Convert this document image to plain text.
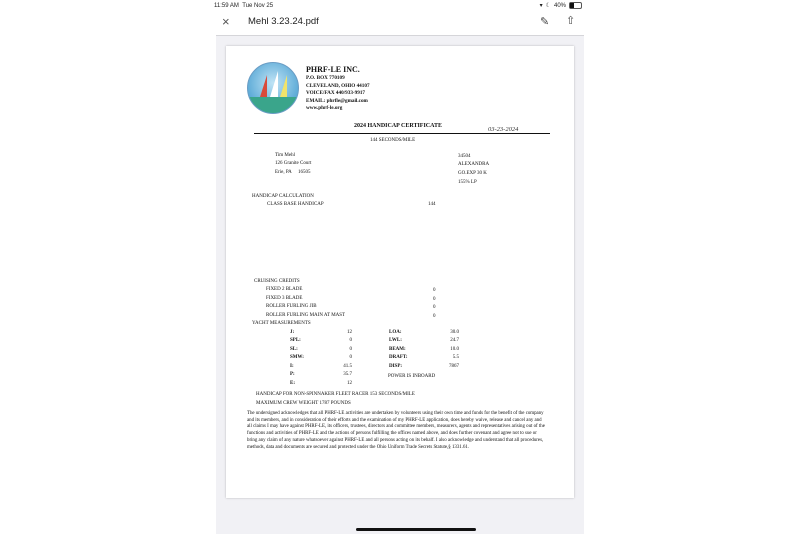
11:59 AM Tue Nov 25	▾ ☾ 40%
× Mehl 3.23.24.pdf	✎ ⇧
PHRF-LE INC.
P.O. BOX 770109
CLEVELAND, OHIO 44107
VOICE/FAX 440/933-9917
EMAIL: phrfle@gmail.com
www.phrf-le.org
2024 HANDICAP CERTIFICATE	03-23-2024
144 SECONDS/MILE
Tim Mehl
126 Granite Court
Erie, PA 16505
34504
ALEXANDRA
GO.EXP 30 K
155% LP
HANDICAP CALCULATION
CLASS BASE HANDICAP	144
CRUISING CREDITS
FIXED 2 BLADE	0
FIXED 3 BLADE	0
ROLLER FURLING JIB	0
ROLLER FURLING MAIN AT MAST	0
YACHT MEASUREMENTS
J:	12
SPL:	0
SL:	0
SMW:	0
I:	41.5
P:	35.7
E:	12
LOA:	30.0
LWL:	24.7
BEAM:	10.0
DRAFT:	5.5
DISP:	7867
POWER IS INBOARD
HANDICAP FOR NON-SPINNAKER FLEET RACER 153 SECONDS/MILE
MAXIMUM CREW WEIGHT 1787 POUNDS
The undersigned acknowledges that all PHRF-LE activities are undertaken by volunteers using their own time and funds for the benefit of the company and its members, and in consideration of their efforts and the examination of my PHRF-LE application, does hereby waive, release and cancel any and all claims I may have against PHRF-LE, its officers, trustees, directors and committee members, measurers, agents and representatives arising out of the functions and activities of PHRF-LE and the actions of persons fulfilling the offices named above, and does further covenant and agree not to sue or bring any claim of any nature whatsoever against PHRF-LE and all persons acting on its behalf. I also acknowledge and understand that all procedures, methods, data and documents are secured and protected under the Ohio Uniform Trade Secrets Statute,§ 1331.61.
